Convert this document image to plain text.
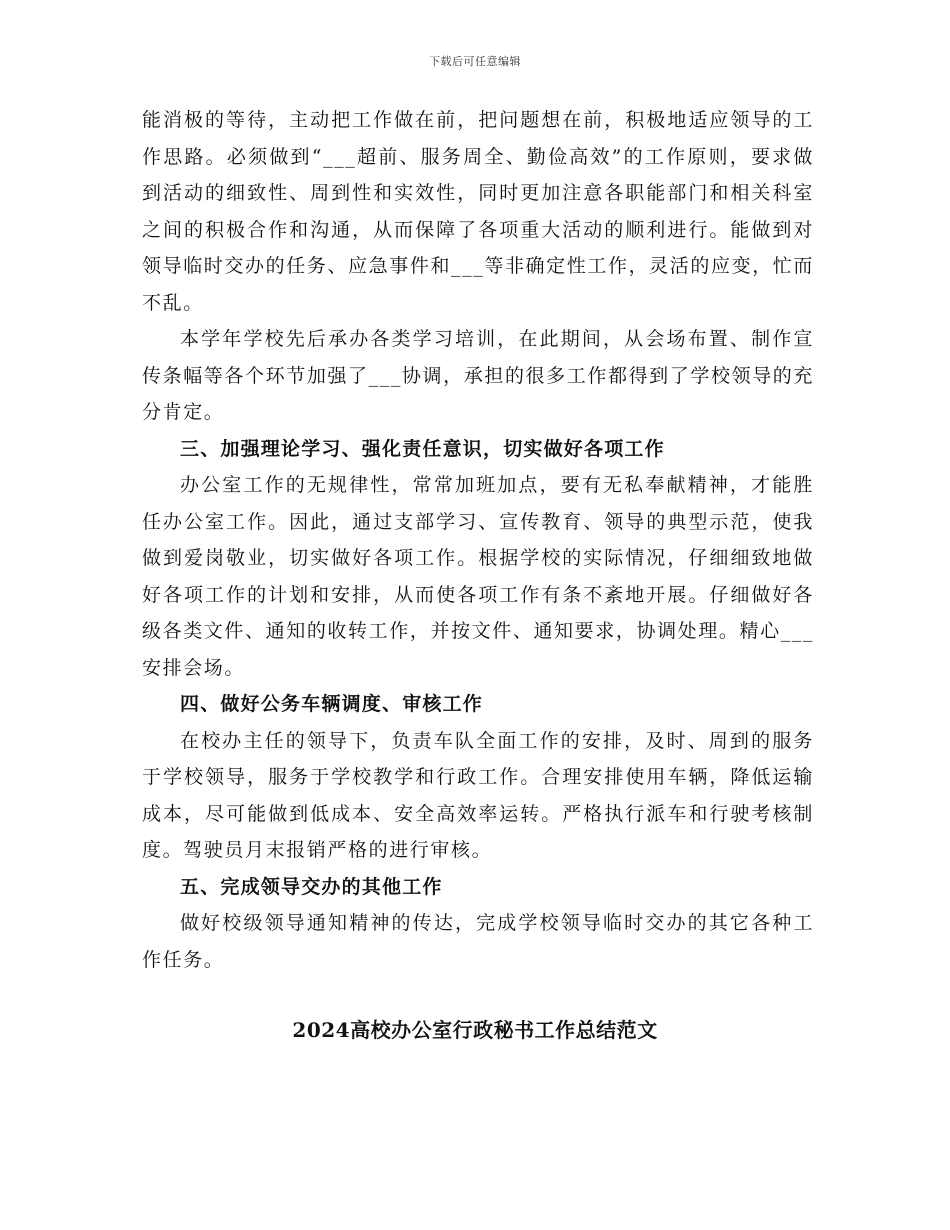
下载后可任意编辑

能消极的等待，主动把工作做在前，把问题想在前，积极地适应领导的工作思路。必须做到“___超前、服务周全、勤俭高效”的工作原则，要求做到活动的细致性、周到性和实效性，同时更加注意各职能部门和相关科室之间的积极合作和沟通，从而保障了各项重大活动的顺利进行。能做到对领导临时交办的任务、应急事件和___等非确定性工作，灵活的应变，忙而不乱。

本学年学校先后承办各类学习培训，在此期间，从会场布置、制作宣传条幅等各个环节加强了___协调，承担的很多工作都得到了学校领导的充分肯定。

三、加强理论学习、强化责任意识，切实做好各项工作

办公室工作的无规律性，常常加班加点，要有无私奉献精神，才能胜任办公室工作。因此，通过支部学习、宣传教育、领导的典型示范，使我做到爱岗敬业，切实做好各项工作。根据学校的实际情况，仔细细致地做好各项工作的计划和安排，从而使各项工作有条不紊地开展。仔细做好各级各类文件、通知的收转工作，并按文件、通知要求，协调处理。精心___安排会场。

四、做好公务车辆调度、审核工作

在校办主任的领导下，负责车队全面工作的安排，及时、周到的服务于学校领导，服务于学校教学和行政工作。合理安排使用车辆，降低运输成本，尽可能做到低成本、安全高效率运转。严格执行派车和行驶考核制度。驾驶员月末报销严格的进行审核。

五、完成领导交办的其他工作

做好校级领导通知精神的传达，完成学校领导临时交办的其它各种工作任务。

2024高校办公室行政秘书工作总结范文
